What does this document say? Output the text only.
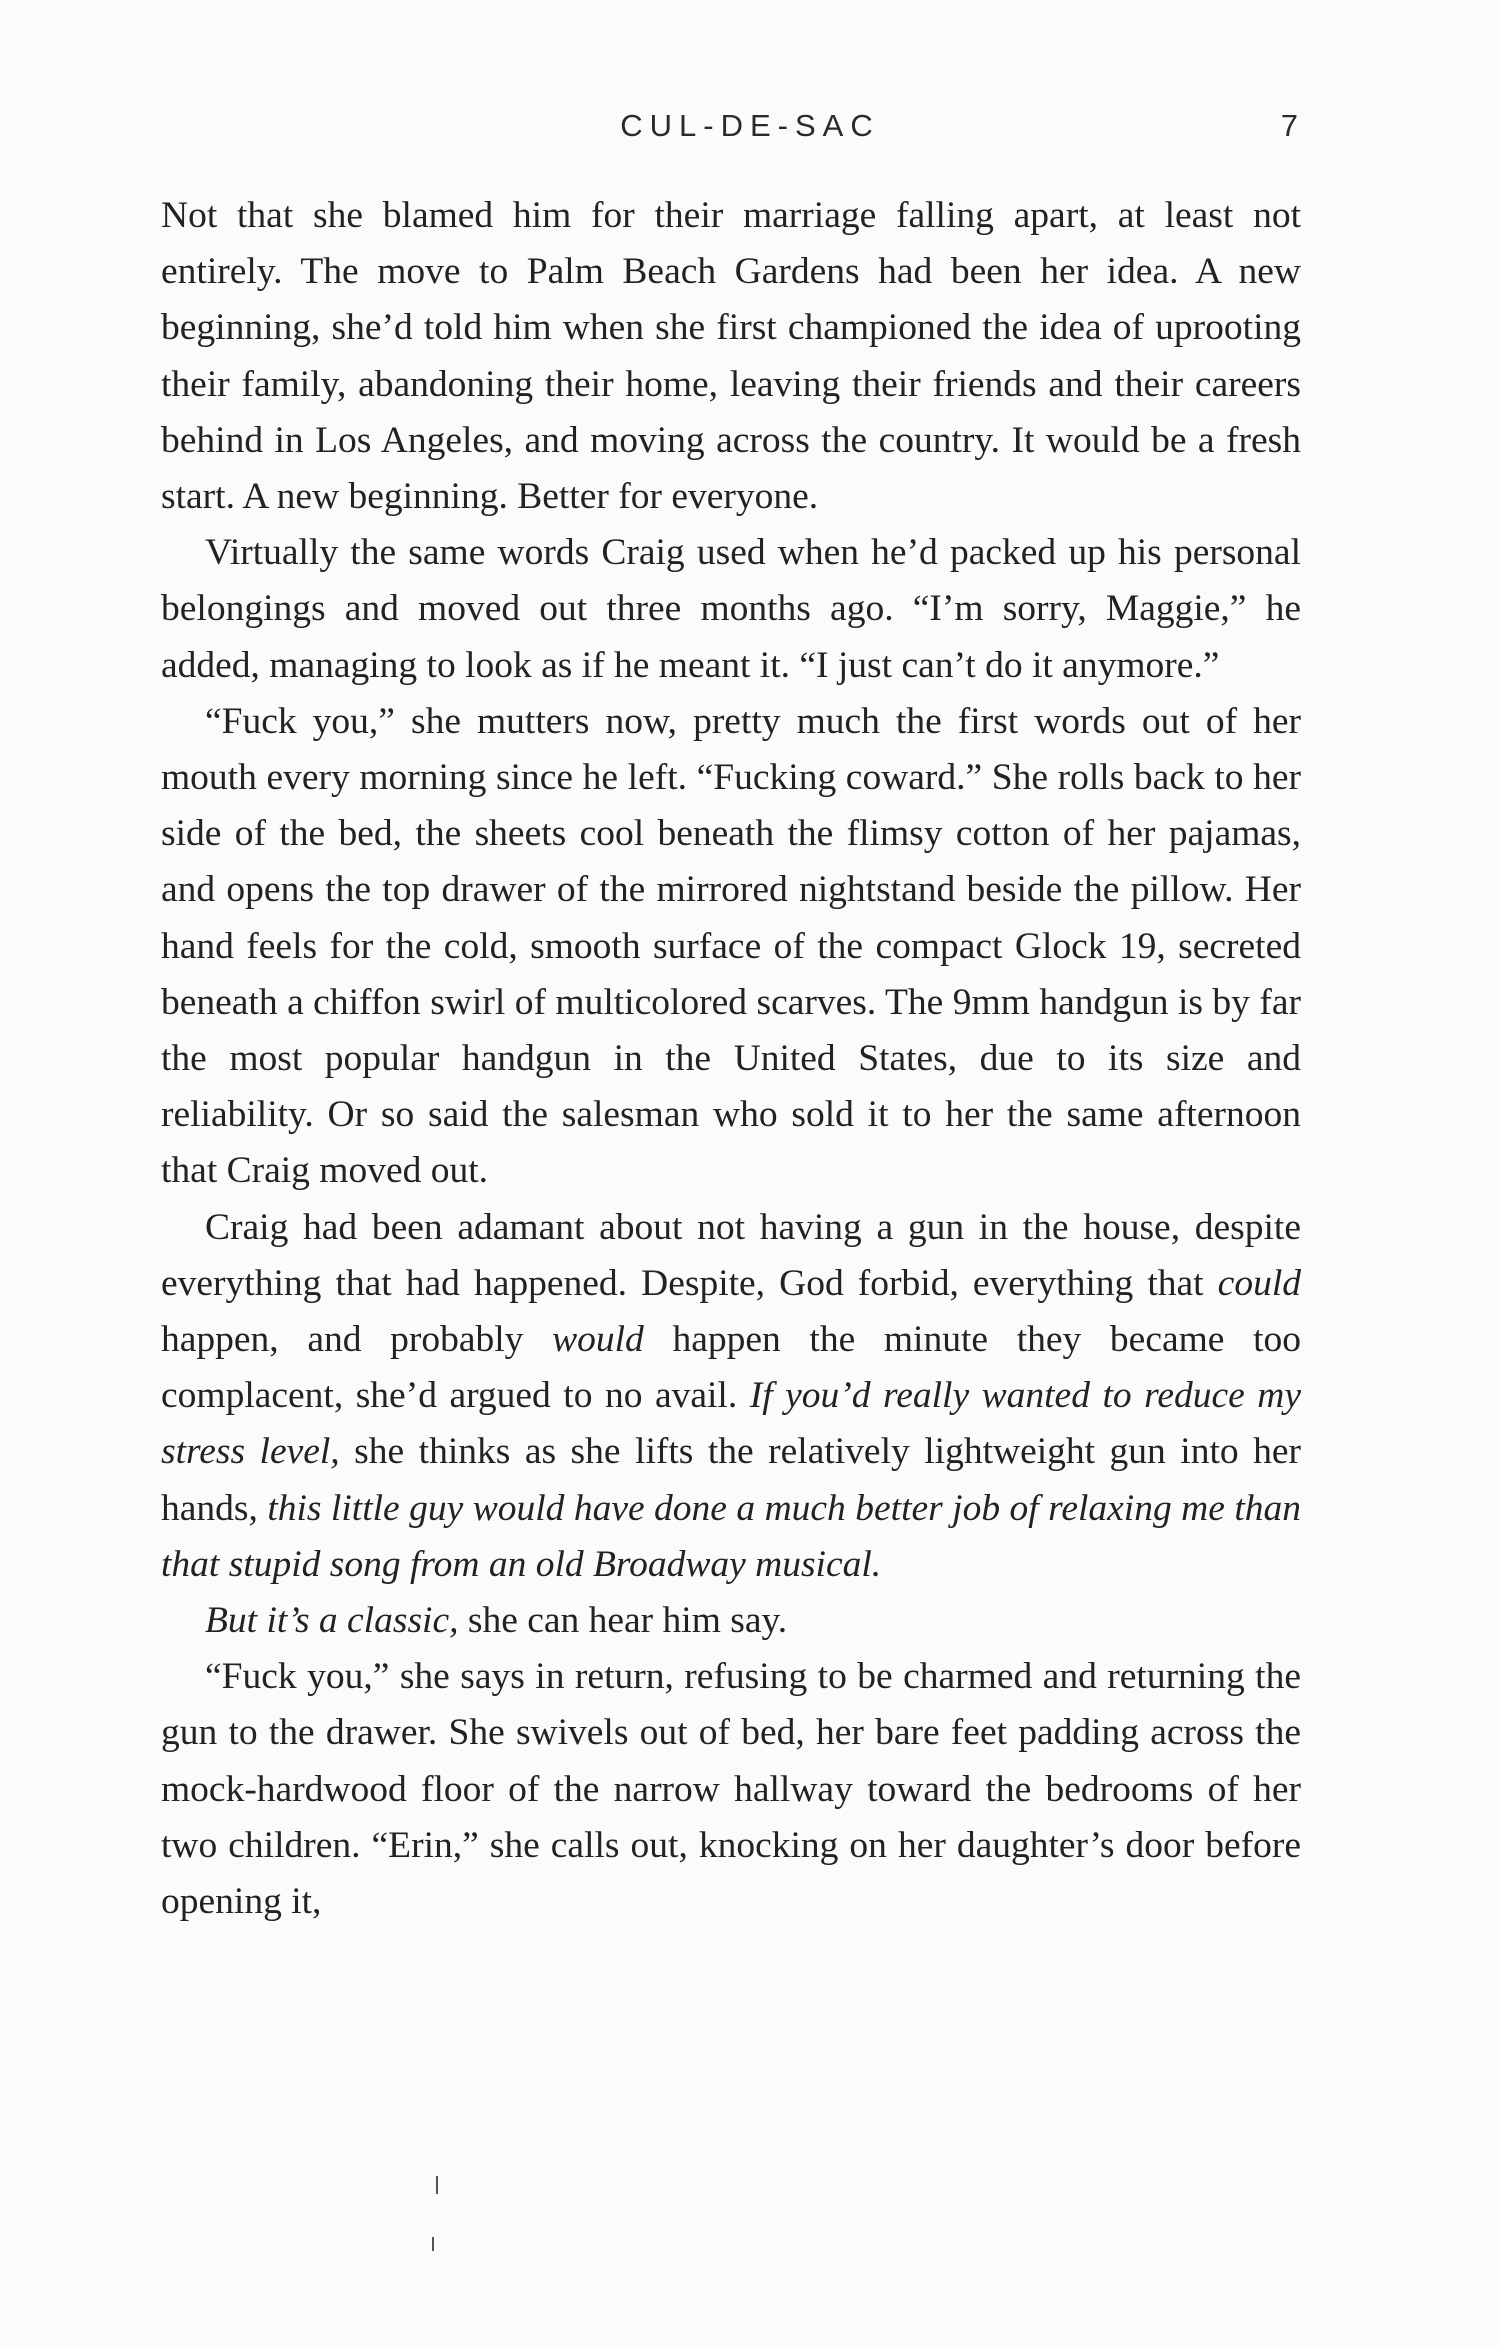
CUL-DE-SAC	7

Not that she blamed him for their marriage falling apart, at least not entirely. The move to Palm Beach Gardens had been her idea. A new beginning, she’d told him when she first championed the idea of uprooting their family, abandoning their home, leaving their friends and their careers behind in Los Angeles, and moving across the country. It would be a fresh start. A new beginning. Better for everyone.

Virtually the same words Craig used when he’d packed up his personal belongings and moved out three months ago. “I’m sorry, Maggie,” he added, managing to look as if he meant it. “I just can’t do it anymore.”

“Fuck you,” she mutters now, pretty much the first words out of her mouth every morning since he left. “Fucking coward.” She rolls back to her side of the bed, the sheets cool beneath the flimsy cotton of her pajamas, and opens the top drawer of the mirrored nightstand beside the pillow. Her hand feels for the cold, smooth surface of the compact Glock 19, secreted beneath a chiffon swirl of multicolored scarves. The 9mm handgun is by far the most popular handgun in the United States, due to its size and reliability. Or so said the salesman who sold it to her the same afternoon that Craig moved out.

Craig had been adamant about not having a gun in the house, despite everything that had happened. Despite, God forbid, everything that could happen, and probably would happen the minute they became too complacent, she’d argued to no avail. If you’d really wanted to reduce my stress level, she thinks as she lifts the relatively lightweight gun into her hands, this little guy would have done a much better job of relaxing me than that stupid song from an old Broadway musical.

But it’s a classic, she can hear him say.

“Fuck you,” she says in return, refusing to be charmed and returning the gun to the drawer. She swivels out of bed, her bare feet padding across the mock-hardwood floor of the narrow hallway toward the bedrooms of her two children. “Erin,” she calls out, knocking on her daughter’s door before opening it,
